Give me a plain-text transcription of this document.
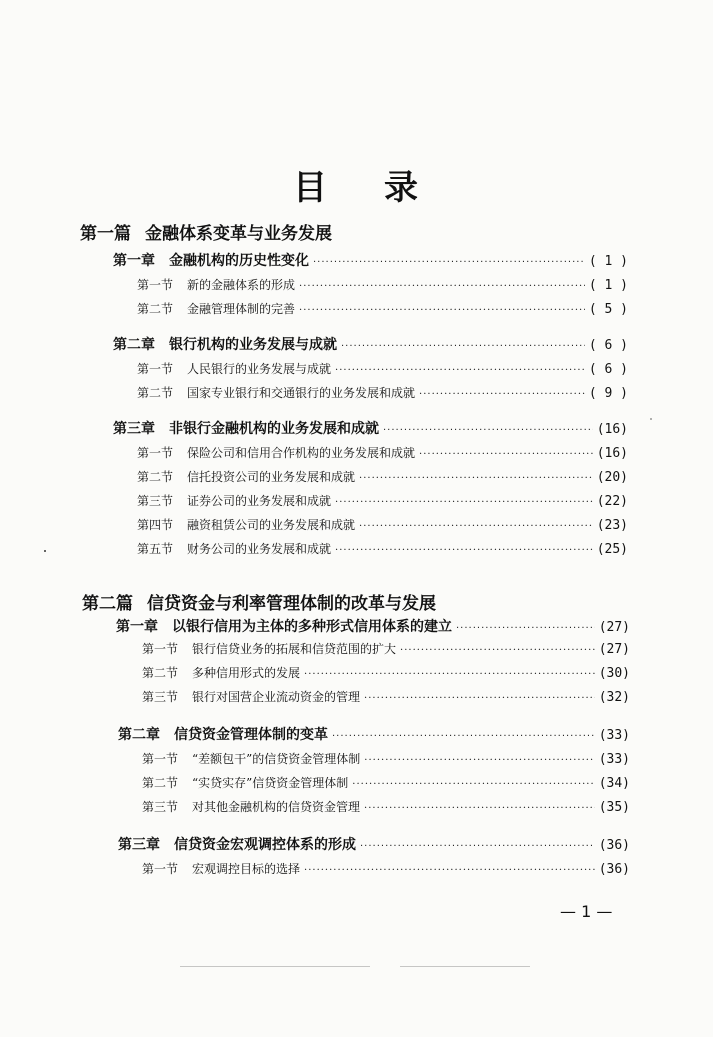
目 录
第一篇 金融体系变革与业务发展
第一章 金融机构的历史性变化 ·····	( 1 )
第一节 新的金融体系的形成 ·····	( 1 )
第二节 金融管理体制的完善 ·····	( 5 )
第二章 银行机构的业务发展与成就 ·····	( 6 )
第一节 人民银行的业务发展与成就 ·····	( 6 )
第二节 国家专业银行和交通银行的业务发展和成就 ·····	( 9 )
第三章 非银行金融机构的业务发展和成就 ·····	(16)
第一节 保险公司和信用合作机构的业务发展和成就 ·····	(16)
第二节 信托投资公司的业务发展和成就 ·····	(20)
第三节 证券公司的业务发展和成就 ·····	(22)
第四节 融资租赁公司的业务发展和成就 ·····	(23)
第五节 财务公司的业务发展和成就 ·····	(25)
第二篇 信贷资金与利率管理体制的改革与发展
第一章 以银行信用为主体的多种形式信用体系的建立 ·····	(27)
第一节 银行信贷业务的拓展和信贷范围的扩大 ·····	(27)
第二节 多种信用形式的发展 ·····	(30)
第三节 银行对国营企业流动资金的管理 ·····	(32)
第二章 信贷资金管理体制的变革 ·····	(33)
第一节 “差额包干”的信贷资金管理体制 ·····	(33)
第二节 “实贷实存”信贷资金管理体制 ·····	(34)
第三节 对其他金融机构的信贷资金管理 ·····	(35)
第三章 信贷资金宏观调控体系的形成 ·····	(36)
第一节 宏观调控目标的选择 ·····	(36)
— 1 —
